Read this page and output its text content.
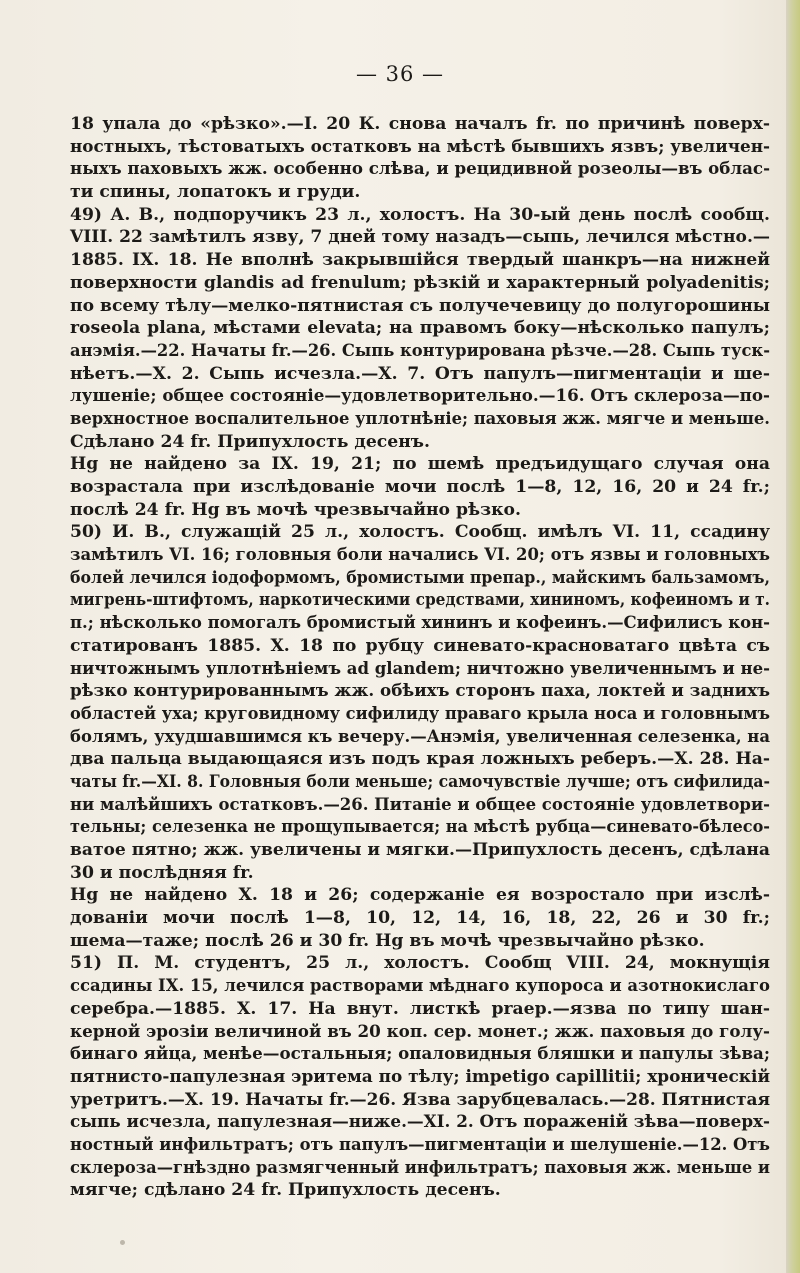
— 36 —
18 упала до «рѣзко».—I. 20 К. снова началъ fr. по причинѣ поверх-
ностныхъ, тѣстоватыхъ остатковъ на мѣстѣ бывшихъ язвъ; увеличен-
ныхъ паховыхъ жж. особенно слѣва, и рецидивной розеолы—въ облас-
ти спины, лопатокъ и груди.
49) А. В., подпоручикъ 23 л., холостъ. На 30-ый день послѣ сообщ.
VIII. 22 замѣтилъ язву, 7 дней тому назадъ—сыпь, лечился мѣстно.—
1885. IX. 18. Не вполнѣ закрывшійся твердый шанкръ—на нижней
поверхности glandis ad frenulum; рѣзкій и характерный polyadenitis;
по всему тѣлу—мелко-пятнистая съ получечевицу до полугорошины
roseola plana, мѣстами elevata; на правомъ боку—нѣсколько папулъ;
анэмія.—22. Начаты fr.—26. Сыпь контурирована рѣзче.—28. Сыпь туск-
нѣетъ.—X. 2. Сыпь исчезла.—X. 7. Отъ папулъ—пигментаціи и ше-
лушеніе; общее состояніе—удовлетворительно.—16. Отъ склероза—по-
верхностное воспалительное уплотнѣніе; паховыя жж. мягче и меньше.
Сдѣлано 24 fr. Припухлость десенъ.
Hg не найдено за IX. 19, 21; по шемѣ предъидущаго случая она
возрастала при изслѣдованіе мочи послѣ 1—8, 12, 16, 20 и 24 fr.;
послѣ 24 fr. Hg въ мочѣ чрезвычайно рѣзко.
50) И. В., служащій 25 л., холостъ. Сообщ. имѣлъ VI. 11, ссадину
замѣтилъ VI. 16; головныя боли начались VI. 20; отъ язвы и головныхъ
болей лечился іодоформомъ, бромистыми препар., майскимъ бальзамомъ,
мигрень-штифтомъ, наркотическими средствами, хининомъ, кофеиномъ и т.
п.; нѣсколько помогалъ бромистый хининъ и кофеинъ.—Сифилисъ кон-
статированъ 1885. X. 18 по рубцу синевато-красноватаго цвѣта съ
ничтожнымъ уплотнѣніемъ ad glandem; ничтожно увеличеннымъ и не-
рѣзко контурированнымъ жж. обѣихъ сторонъ паха, локтей и заднихъ
областей уха; круговидному сифилиду праваго крыла носа и головнымъ
болямъ, ухудшавшимся къ вечеру.—Анэмія, увеличенная селезенка, на
два пальца выдающаяся изъ подъ края ложныхъ реберъ.—X. 28. На-
чаты fr.—XI. 8. Головныя боли меньше; самочувствіе лучше; отъ сифилида-
ни малѣйшихъ остатковъ.—26. Питаніе и общее состояніе удовлетвори-
тельны; селезенка не прощупывается; на мѣстѣ рубца—синевато-бѣлесо-
ватое пятно; жж. увеличены и мягки.—Припухлость десенъ, сдѣлана
30 и послѣдняя fr.
Hg не найдено X. 18 и 26; содержаніе ея возростало при изслѣ-
дованіи мочи послѣ 1—8, 10, 12, 14, 16, 18, 22, 26 и 30 fr.;
шема—таже; послѣ 26 и 30 fr. Hg въ мочѣ чрезвычайно рѣзко.
51) П. М. студентъ, 25 л., холостъ. Сообщ VIII. 24, мокнущія
ссадины IX. 15, лечился растворами мѣднаго купороса и азотнокислаго
серебра.—1885. X. 17. На внут. листкѣ praep.—язва по типу шан-
керной эрозіи величиной въ 20 коп. сер. монет.; жж. паховыя до голу-
бинаго яйца, менѣе—остальныя; опаловидныя бляшки и папулы зѣва;
пятнисто-папулезная эритема по тѣлу; impetigo capillitii; хроническій
уретритъ.—X. 19. Начаты fr.—26. Язва зарубцевалась.—28. Пятнистая
сыпь исчезла, папулезная—ниже.—XI. 2. Отъ пораженій зѣва—поверх-
ностный инфильтратъ; отъ папулъ—пигментаціи и шелушеніе.—12. Отъ
склероза—гнѣздно размягченный инфильтратъ; паховыя жж. меньше и
мягче; сдѣлано 24 fr. Припухлость десенъ.
